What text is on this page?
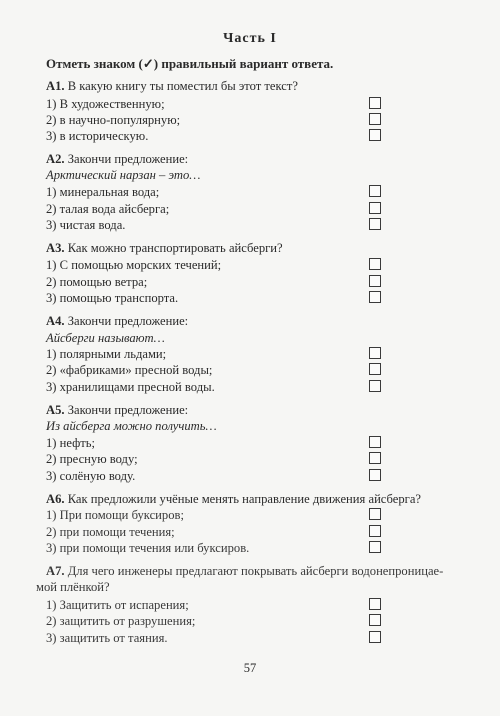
Часть I
Отметь знаком (✓) правильный вариант ответа.
А1. В какую книгу ты поместил бы этот текст?
1) В художественную;
2) в научно-популярную;
3) в историческую.
А2. Закончи предложение:
Арктический нарзан – это…
1) минеральная вода;
2) талая вода айсберга;
3) чистая вода.
А3. Как можно транспортировать айсберги?
1) С помощью морских течений;
2) помощью ветра;
3) помощью транспорта.
А4. Закончи предложение:
Айсберги называют…
1) полярными льдами;
2) «фабриками» пресной воды;
3) хранилищами пресной воды.
А5. Закончи предложение:
Из айсберга можно получить…
1) нефть;
2) пресную воду;
3) солёную воду.
А6. Как предложили учёные менять направление движения айсберга?
1) При помощи буксиров;
2) при помощи течения;
3) при помощи течения или буксиров.
А7. Для чего инженеры предлагают покрывать айсберги водонепроницае-
мой плёнкой?
1) Защитить от испарения;
2) защитить от разрушения;
3) защитить от таяния.
57
